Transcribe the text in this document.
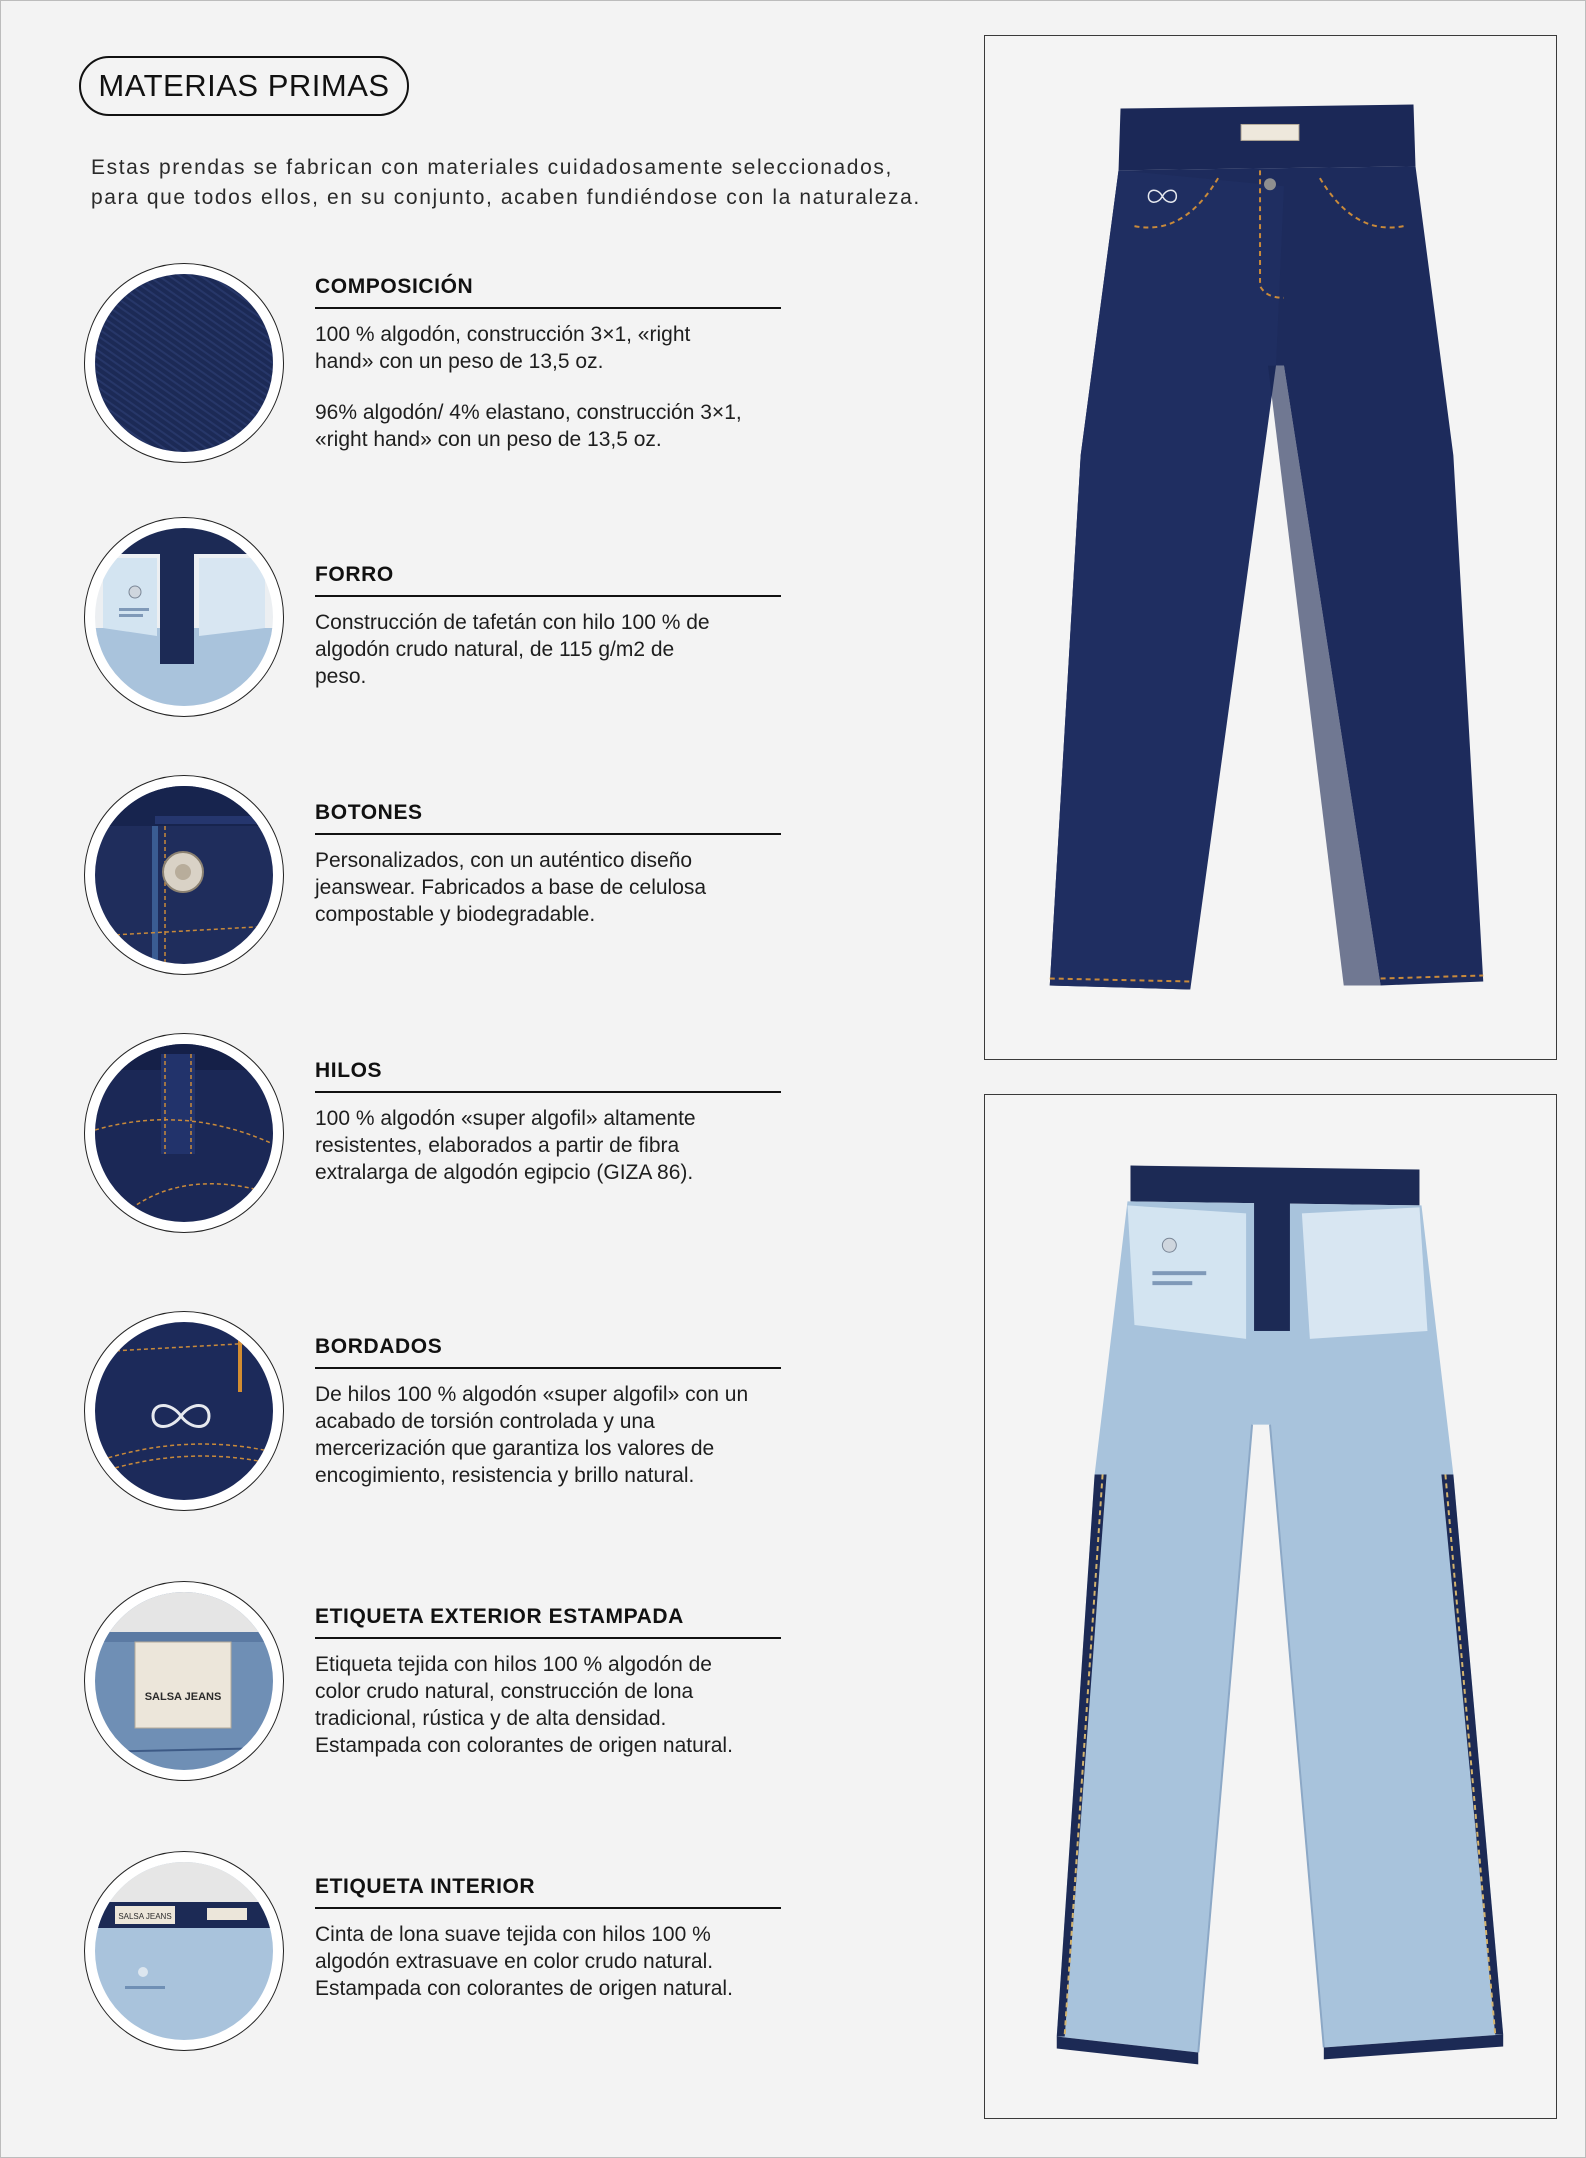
MATERIAS PRIMAS
Estas prendas se fabrican con materiales cuidadosamente seleccionados,
para que todos ellos, en su conjunto, acaben fundiéndose con la naturaleza.
COMPOSICIÓN
100 % algodón, construcción 3×1, «right
hand» con un peso de 13,5 oz.
96% algodón/ 4% elastano, construcción 3×1,
«right hand» con un peso de 13,5 oz.
FORRO
Construcción de tafetán con hilo 100 % de
algodón crudo natural, de 115 g/m2 de
peso.
BOTONES
Personalizados, con un auténtico diseño
jeanswear. Fabricados a base de celulosa
compostable y biodegradable.
HILOS
100 % algodón «super algofil» altamente
resistentes, elaborados a partir de fibra
extralarga de algodón egipcio (GIZA 86).
BORDADOS
De hilos 100 % algodón «super algofil» con un
acabado de torsión controlada y una
mercerización que garantiza los valores de
encogimiento, resistencia y brillo natural.
SALSA JEANS
ETIQUETA EXTERIOR ESTAMPADA
Etiqueta tejida con hilos 100 % algodón de
color crudo natural, construcción de lona
tradicional, rústica y de alta densidad.
Estampada con colorantes de origen natural.
SALSA JEANS
ETIQUETA INTERIOR
Cinta de lona suave tejida con hilos 100 %
algodón extrasuave en color crudo natural.
Estampada con colorantes de origen natural.
